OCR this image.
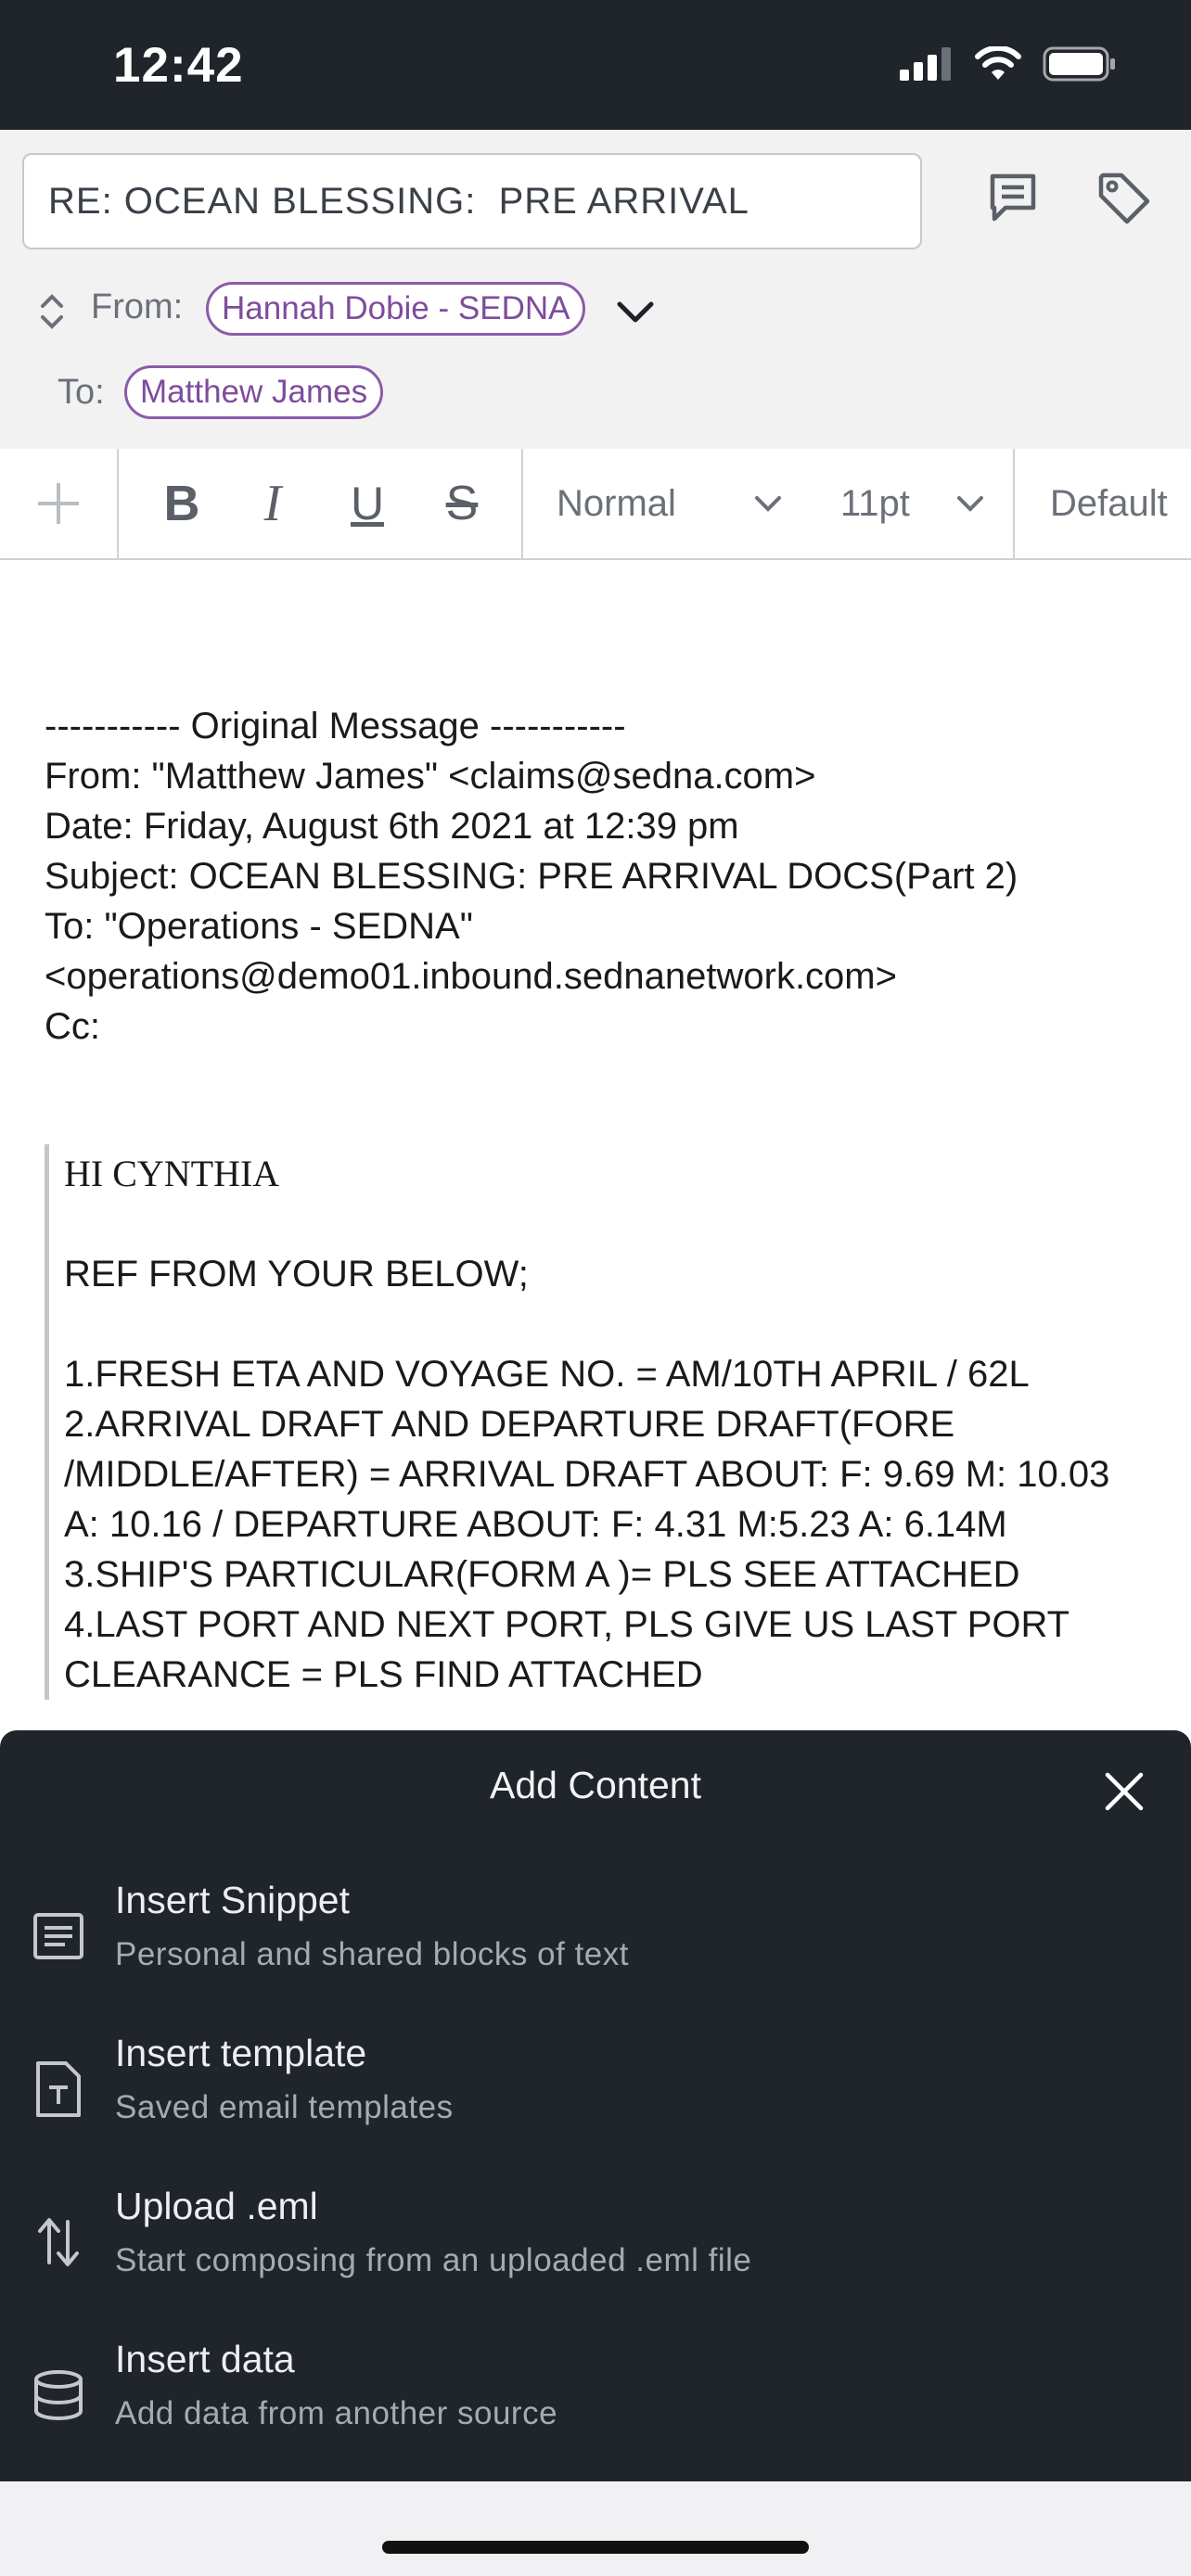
12:42
RE: OCEAN BLESSING:  PRE ARRIVAL
From:	Hannah Dobie - SEDNA
To:	Matthew James
B I U S Normal	11pt	Default
----------- Original Message -----------
From: "Matthew James" <claims@sedna.com>
Date: Friday, August 6th 2021 at 12:39 pm
Subject: OCEAN BLESSING: PRE ARRIVAL DOCS(Part 2)
To: "Operations - SEDNA"
<operations@demo01.inbound.sednanetwork.com>
Cc:
HI CYNTHIA
REF FROM YOUR BELOW;
1.FRESH ETA AND VOYAGE NO. = AM/10TH APRIL / 62L
2.ARRIVAL DRAFT AND DEPARTURE DRAFT(FORE /MIDDLE/AFTER) = ARRIVAL DRAFT ABOUT: F: 9.69 M: 10.03 A: 10.16 / DEPARTURE ABOUT: F: 4.31 M:5.23 A: 6.14M
3.SHIP'S PARTICULAR(FORM A )= PLS SEE ATTACHED
4.LAST PORT AND NEXT PORT, PLS GIVE US LAST PORT CLEARANCE = PLS FIND ATTACHED
Add Content
Insert Snippet
Personal and shared blocks of text
Insert template
Saved email templates
Upload .eml
Start composing from an uploaded .eml file
Insert data
Add data from another source
